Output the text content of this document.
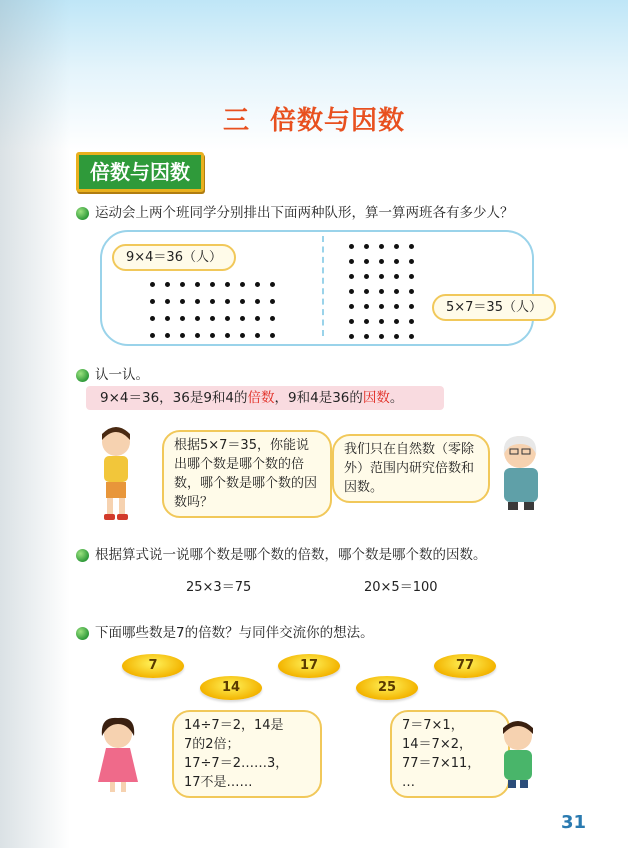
三 倍数与因数
倍数与因数
运动会上两个班同学分别排出下面两种队形，算一算两班各有多少人？
9×4＝36（人）
5×7＝35（人）
认一认。
9×4＝36，36是9和4的倍数，9和4是36的因数。
根据5×7＝35，你能说出哪个数是哪个数的倍数，哪个数是哪个数的因数吗？
我们只在自然数（零除外）范围内研究倍数和因数。
根据算式说一说哪个数是哪个数的倍数，哪个数是哪个数的因数。
25×3＝75	20×5＝100
下面哪些数是7的倍数？与同伴交流你的想法。
7
14
17
25
77
14÷7＝2，14是
7的2倍；
17÷7＝2……3，
17不是……
7＝7×1，
14＝7×2，
77＝7×11，
…
31
